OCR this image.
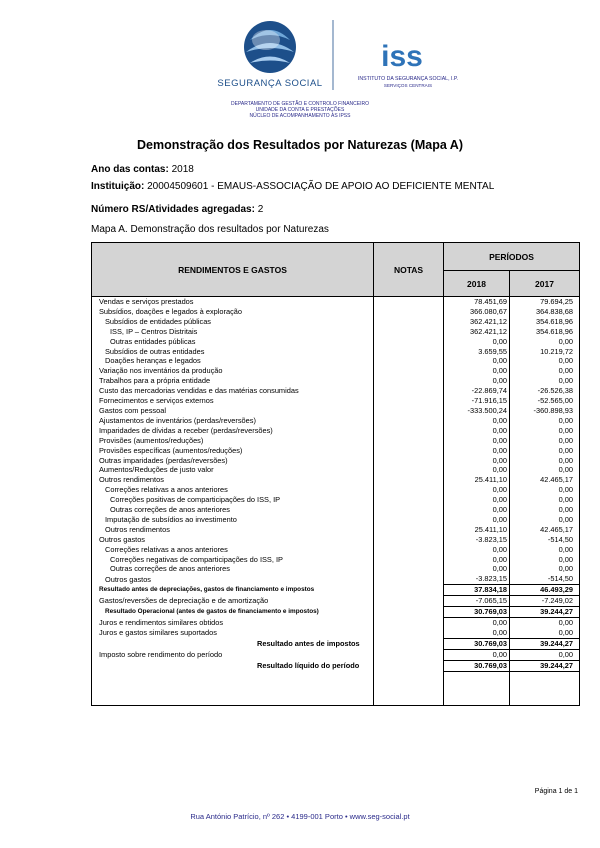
SEGURANÇA SOCIAL
iss
INSTITUTO DA SEGURANÇA SOCIAL, I.P.
SERVIÇOS CENTRAIS
DEPARTAMENTO DE GESTÃO E CONTROLO FINANCEIRO
UNIDADE DA CONTA E PRESTAÇÕES
NÚCLEO DE ACOMPANHAMENTO ÀS IPSS
Demonstração dos Resultados por Naturezas (Mapa A)
Ano das contas: 2018
Instituição: 20004509601 - EMAUS-ASSOCIAÇÃO DE APOIO AO DEFICIENTE MENTAL
Número RS/Atividades agregadas: 2
Mapa A. Demonstração dos resultados por Naturezas
RENDIMENTOS E GASTOS	NOTAS	PERÍODOS	
		2018	2017
Vendas e serviços prestados		78.451,69	79.694,25
Subsídios, doações e legados à exploração		366.080,67	364.838,68
Subsídios de entidades públicas		362.421,12	354.618,96
ISS, IP – Centros Distritais		362.421,12	354.618,96
Outras entidades públicas		0,00	0,00
Subsídios de outras entidades		3.659,55	10.219,72
Doações heranças e legados		0,00	0,00
Variação nos inventários da produção		0,00	0,00
Trabalhos para a própria entidade		0,00	0,00
Custo das mercadorias vendidas e das matérias consumidas		-22.869,74	-26.526,38
Fornecimentos e serviços externos		-71.916,15	-52.565,00
Gastos com pessoal		-333.500,24	-360.898,93
Ajustamentos de inventários (perdas/reversões)		0,00	0,00
Imparidades de dívidas a receber (perdas/reversões)		0,00	0,00
Provisões (aumentos/reduções)		0,00	0,00
Provisões específicas (aumentos/reduções)		0,00	0,00
Outras imparidades (perdas/reversões)		0,00	0,00
Aumentos/Reduções de justo valor		0,00	0,00
Outros rendimentos		25.411,10	42.465,17
Correções relativas a anos anteriores		0,00	0,00
Correções positivas de comparticipações do ISS, IP		0,00	0,00
Outras correções de anos anteriores		0,00	0,00
Imputação de subsídios ao investimento		0,00	0,00
Outros rendimentos		25.411,10	42.465,17
Outros gastos		-3.823,15	-514,50
Correções relativas a anos anteriores		0,00	0,00
Correções negativas de comparticipações do ISS, IP		0,00	0,00
Outras correções de anos anteriores		0,00	0,00
Outros gastos		-3.823,15	-514,50
Resultado antes de depreciações, gastos de financiamento e impostos		37.834,18	46.493,29
Gastos/reversões de depreciação e de amortização		-7.065,15	-7.249,02
Resultado Operacional (antes de gastos de financiamento e impostos)		30.769,03	39.244,27
Juros e rendimentos similares obtidos		0,00	0,00
Juros e gastos similares suportados		0,00	0,00
Resultado antes de impostos		30.769,03	39.244,27
Imposto sobre rendimento do período		0,00	0,00
Resultado líquido do período		30.769,03	39.244,27

Página 1 de 1
Rua António Patrício, nº 262 • 4199-001 Porto • www.seg-social.pt
